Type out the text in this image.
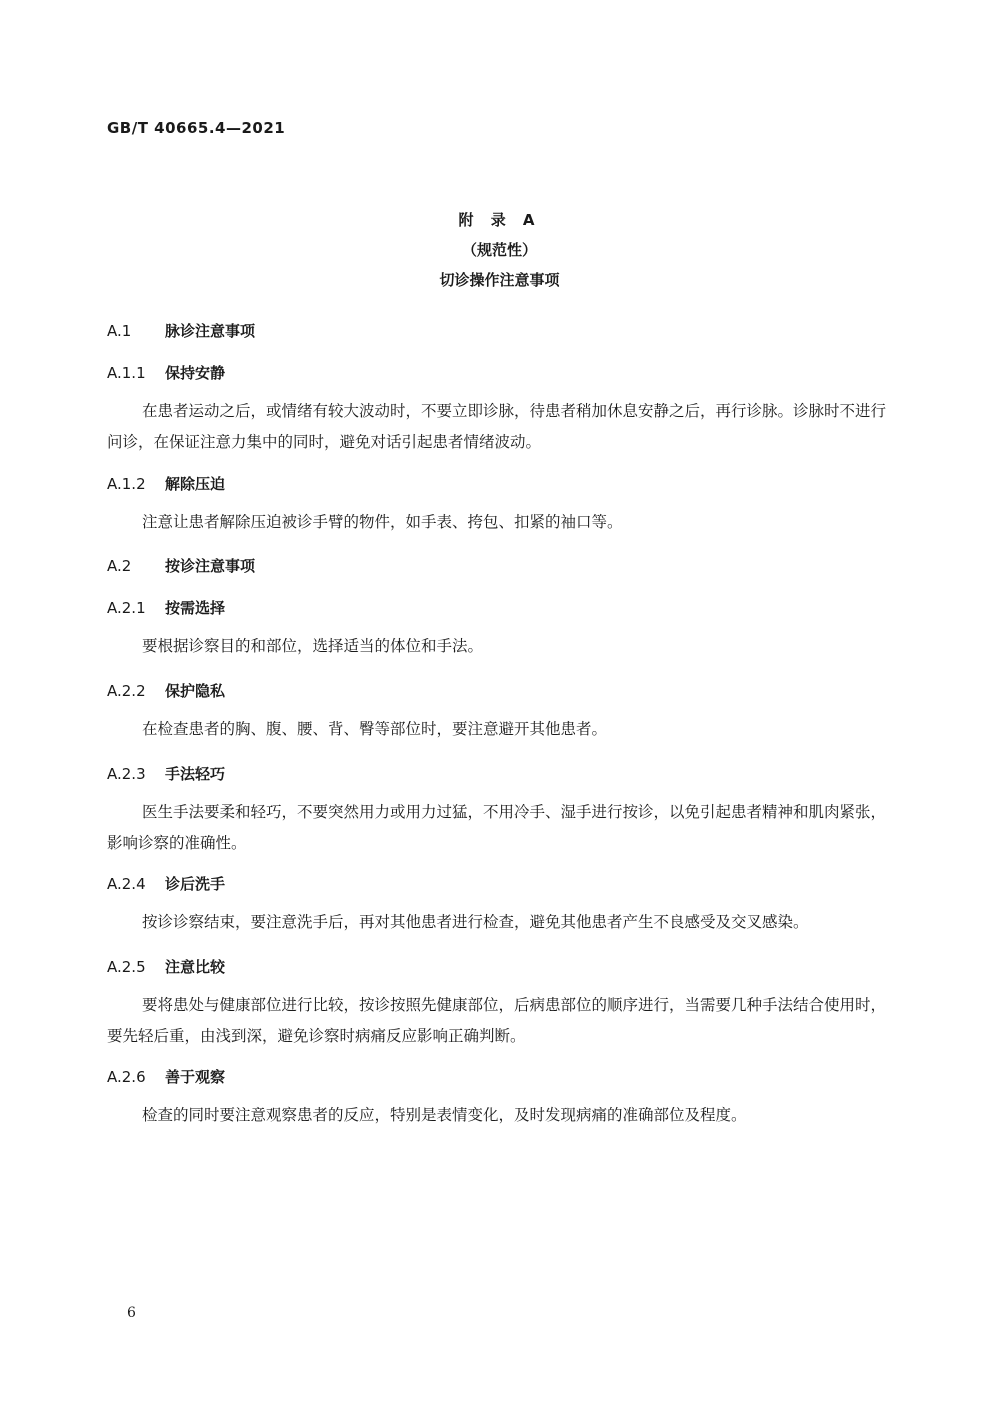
GB/T 40665.4—2021
附 录 A
（规范性）
切诊操作注意事项
A.1 脉诊注意事项
A.1.1 保持安静

在患者运动之后，或情绪有较大波动时，不要立即诊脉，待患者稍加休息安静之后，再行诊脉。诊脉时不进行问诊，在保证注意力集中的同时，避免对话引起患者情绪波动。

A.1.2 解除压迫

注意让患者解除压迫被诊手臂的物件，如手表、挎包、扣紧的袖口等。

A.2 按诊注意事项
A.2.1 按需选择

要根据诊察目的和部位，选择适当的体位和手法。

A.2.2 保护隐私

在检查患者的胸、腹、腰、背、臀等部位时，要注意避开其他患者。

A.2.3 手法轻巧

医生手法要柔和轻巧，不要突然用力或用力过猛，不用冷手、湿手进行按诊，以免引起患者精神和肌肉紧张，影响诊察的准确性。

A.2.4 诊后洗手

按诊诊察结束，要注意洗手后，再对其他患者进行检查，避免其他患者产生不良感受及交叉感染。

A.2.5 注意比较

要将患处与健康部位进行比较，按诊按照先健康部位，后病患部位的顺序进行，当需要几种手法结合使用时，要先轻后重，由浅到深，避免诊察时病痛反应影响正确判断。

A.2.6 善于观察

检查的同时要注意观察患者的反应，特别是表情变化，及时发现病痛的准确部位及程度。

6
